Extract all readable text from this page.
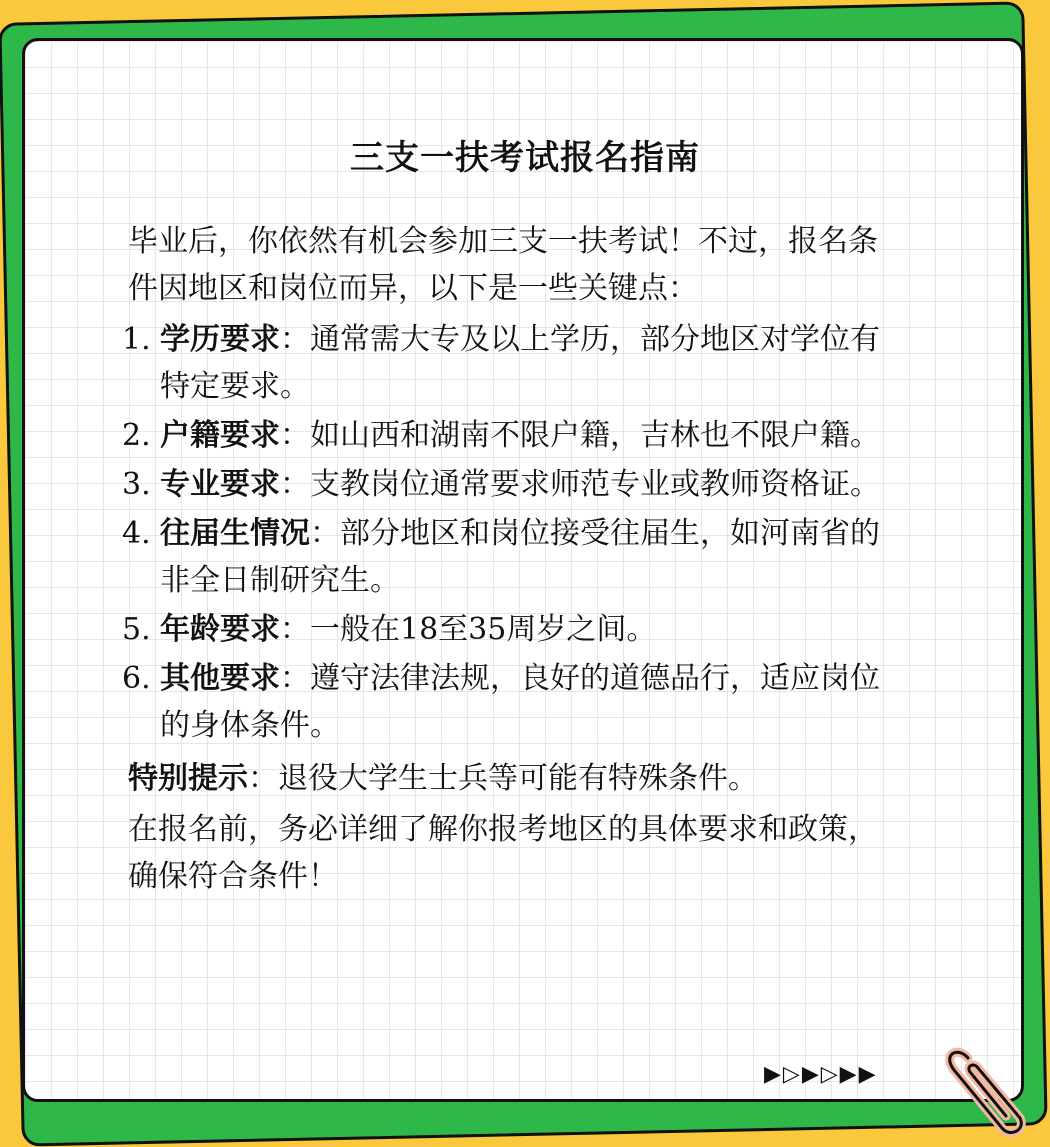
三支一扶考试报名指南

毕业后，你依然有机会参加三支一扶考试！不过，报名条件因地区和岗位而异，以下是一些关键点：

1. 学历要求：通常需大专及以上学历，部分地区对学位有特定要求。
2. 户籍要求：如山西和湖南不限户籍，吉林也不限户籍。
3. 专业要求：支教岗位通常要求师范专业或教师资格证。
4. 往届生情况：部分地区和岗位接受往届生，如河南省的非全日制研究生。
5. 年龄要求：一般在18至35周岁之间。
6. 其他要求：遵守法律法规，良好的道德品行，适应岗位的身体条件。

特别提示：退役大学生士兵等可能有特殊条件。

在报名前，务必详细了解你报考地区的具体要求和政策，确保符合条件！

▶▷▶▷▶▶
